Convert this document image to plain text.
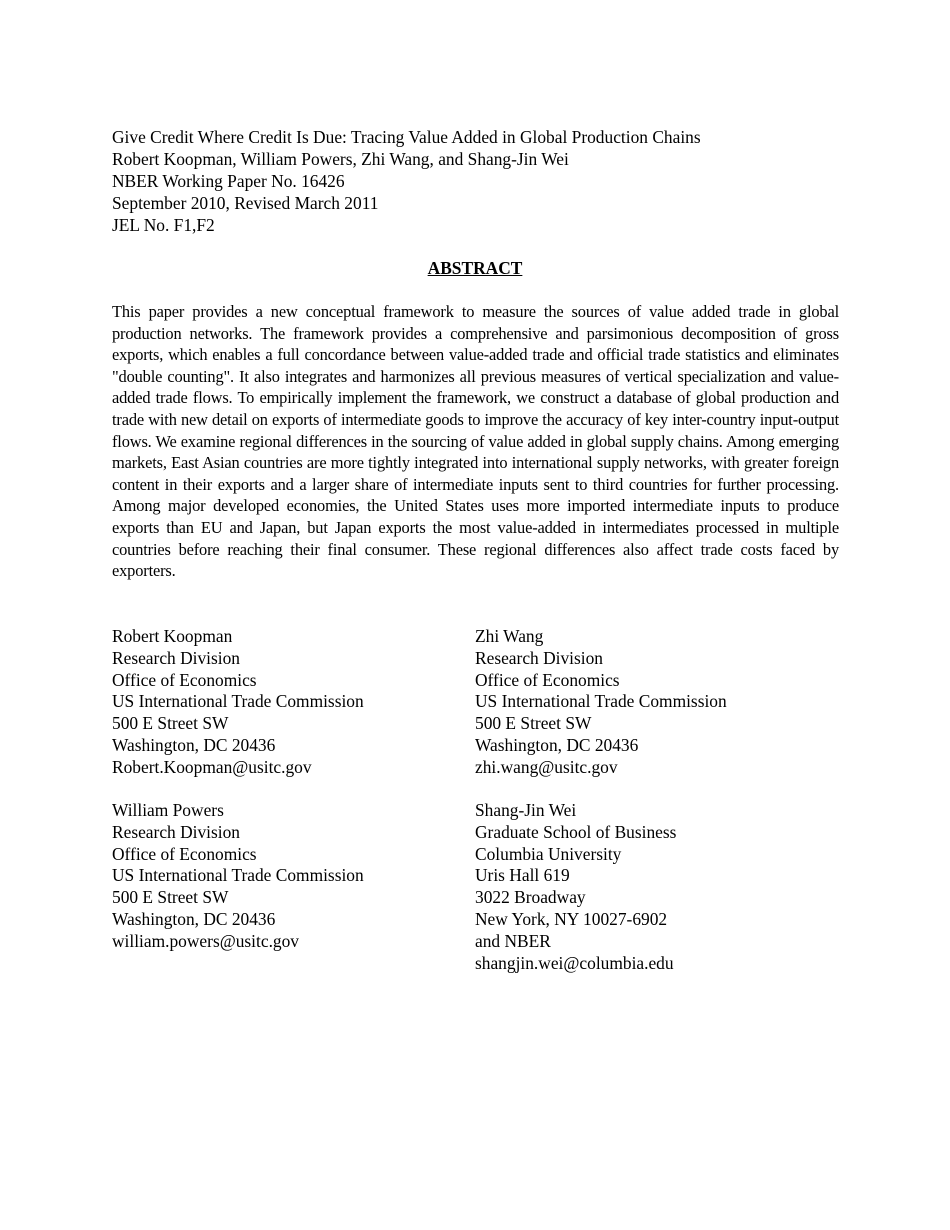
Give Credit Where Credit Is Due: Tracing Value Added in Global Production Chains
Robert Koopman, William Powers, Zhi Wang, and Shang-Jin Wei
NBER Working Paper No. 16426
September 2010, Revised March 2011
JEL No. F1,F2
ABSTRACT
This paper provides a new conceptual framework to measure the sources of value added trade in global production networks. The framework provides a comprehensive and parsimonious decomposition of gross exports, which enables a full concordance between value-added trade and official trade statistics and eliminates "double counting". It also integrates and harmonizes all previous measures of vertical specialization and value-added trade flows. To empirically implement the framework, we construct a database of global production and trade with new detail on exports of intermediate goods to improve the accuracy of key inter-country input-output flows. We examine regional differences in the sourcing of value added in global supply chains. Among emerging markets, East Asian countries are more tightly integrated into international supply networks, with greater foreign content in their exports and a larger share of intermediate inputs sent to third countries for further processing. Among major developed economies, the United States uses more imported intermediate inputs to produce exports than EU and Japan, but Japan exports the most value-added in intermediates processed in multiple countries before reaching their final consumer. These regional differences also affect trade costs faced by exporters.
Robert Koopman
Research Division
Office of Economics
US International Trade Commission
500 E Street SW
Washington, DC 20436
Robert.Koopman@usitc.gov
Zhi Wang
Research Division
Office of Economics
US International Trade Commission
500 E Street SW
Washington, DC 20436
zhi.wang@usitc.gov
William Powers
Research Division
Office of Economics
US International Trade Commission
500 E Street SW
Washington, DC 20436
william.powers@usitc.gov
Shang-Jin Wei
Graduate School of Business
Columbia University
Uris Hall 619
3022 Broadway
New York, NY 10027-6902
and NBER
shangjin.wei@columbia.edu
